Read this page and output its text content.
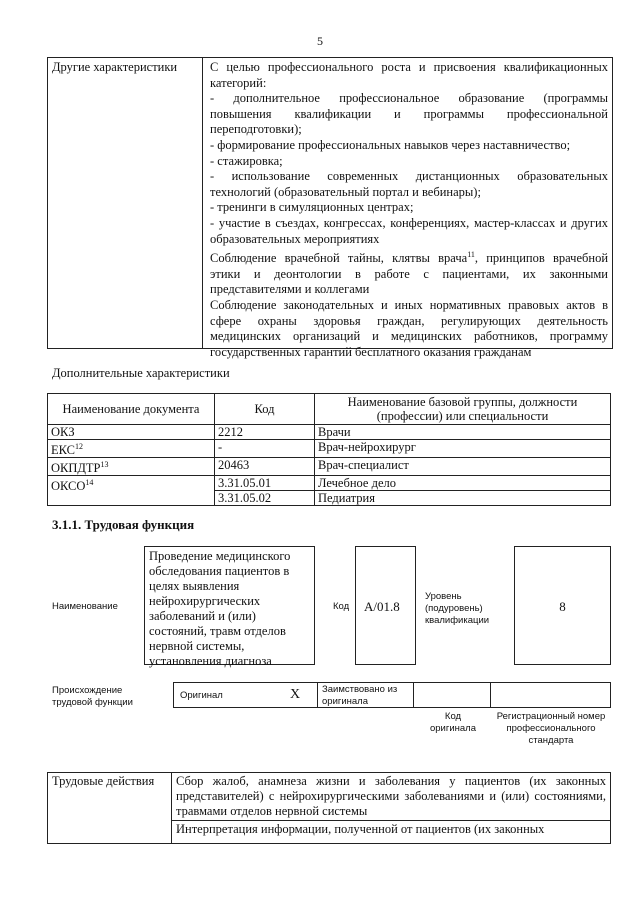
5
Другие характеристики	С целью профессионального роста и присвоения квалификационных категорий:

- дополнительное профессиональное образование (программы повышения квалификации и программы профессиональной переподготовки);

- формирование профессиональных навыков через наставничество;

- стажировка;

- использование современных дистанционных образовательных технологий (образовательный портал и вебинары);

- тренинги в симуляционных центрах;

- участие в съездах, конгрессах, конференциях, мастер-классах и других образовательных мероприятиях

Соблюдение врачебной тайны, клятвы врача$^{11}$, принципов врачебной этики и деонтологии в работе с пациентами, их законными представителями и коллегами

Соблюдение законодательных и иных нормативных правовых актов в сфере охраны здоровья граждан, регулирующих деятельность медицинских организаций и медицинских работников, программу государственных гарантий бесплатного оказания гражданам

Дополнительные характеристики
Наименование документа	Код	Наименование базовой группы, должности (профессии) или специальности
ОКЗ	2212	Врачи
ЕКС$^{12}$	-	Врач-нейрохирург
ОКПДТР$^{13}$	20463	Врач-специалист
ОКСО$^{14}$	3.31.05.01	Лечебное дело
	3.31.05.02	Педиатрия
3.1.1. Трудовая функция
Наименование
Проведение медицинского обследования пациентов в целях выявления нейрохирургических заболеваний и (или) состояний, травм отделов нервной системы, установления диагноза
Код	A/01.8
Уровень (подуровень) квалификации
8
Происхождение трудовой функции
Оригинал	X Заимствовано из оригинала
Код оригинала
Регистрационный номер профессионального стандарта
Трудовые действия	Сбор жалоб, анамнеза жизни и заболевания у пациентов (их законных представителей) с нейрохирургическими заболеваниями и (или) состояниями, травмами отделов нервной системы
Интерпретация информации, полученной от пациентов (их законных
